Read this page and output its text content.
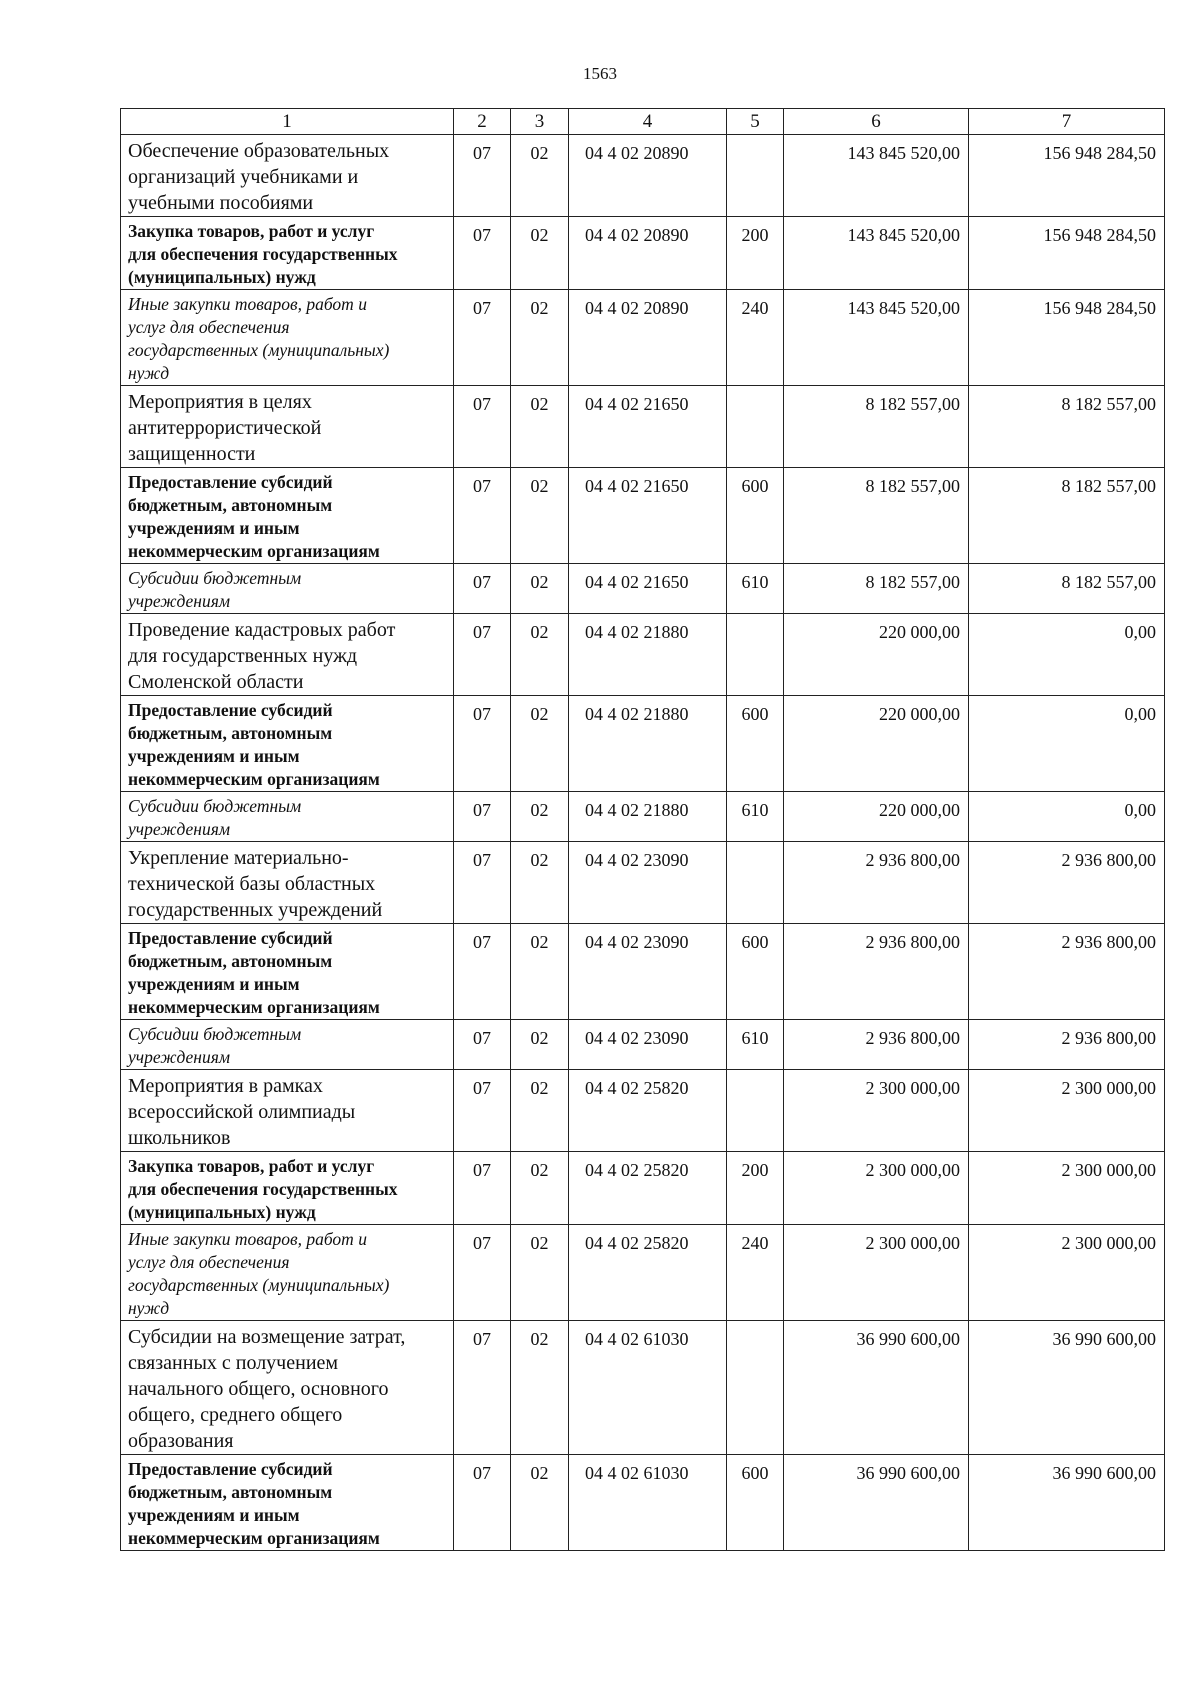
1563
1	2	3	4	5	6	7

Обеспечение образовательных
организаций учебниками и
учебными пособиями	07	02	04 4 02 20890		143 845 520,00	156 948 284,50

Закупка товаров, работ и услуг
для обеспечения государственных
(муниципальных) нужд	07	02	04 4 02 20890	200	143 845 520,00	156 948 284,50

Иные закупки товаров, работ и
услуг для обеспечения
государственных (муниципальных)
нужд	07	02	04 4 02 20890	240	143 845 520,00	156 948 284,50

Мероприятия в целях
антитеррористической
защищенности	07	02	04 4 02 21650		8 182 557,00	8 182 557,00

Предоставление субсидий
бюджетным, автономным
учреждениям и иным
некоммерческим организациям	07	02	04 4 02 21650	600	8 182 557,00	8 182 557,00

Субсидии бюджетным
учреждениям	07	02	04 4 02 21650	610	8 182 557,00	8 182 557,00

Проведение кадастровых работ
для государственных нужд
Смоленской области	07	02	04 4 02 21880		220 000,00	0,00

Предоставление субсидий
бюджетным, автономным
учреждениям и иным
некоммерческим организациям	07	02	04 4 02 21880	600	220 000,00	0,00

Субсидии бюджетным
учреждениям	07	02	04 4 02 21880	610	220 000,00	0,00

Укрепление материально-
технической базы областных
государственных учреждений	07	02	04 4 02 23090		2 936 800,00	2 936 800,00

Предоставление субсидий
бюджетным, автономным
учреждениям и иным
некоммерческим организациям	07	02	04 4 02 23090	600	2 936 800,00	2 936 800,00

Субсидии бюджетным
учреждениям	07	02	04 4 02 23090	610	2 936 800,00	2 936 800,00

Мероприятия в рамках
всероссийской олимпиады
школьников	07	02	04 4 02 25820		2 300 000,00	2 300 000,00

Закупка товаров, работ и услуг
для обеспечения государственных
(муниципальных) нужд	07	02	04 4 02 25820	200	2 300 000,00	2 300 000,00

Иные закупки товаров, работ и
услуг для обеспечения
государственных (муниципальных)
нужд	07	02	04 4 02 25820	240	2 300 000,00	2 300 000,00

Субсидии на возмещение затрат,
связанных с получением
начального общего, основного
общего, среднего общего
образования	07	02	04 4 02 61030		36 990 600,00	36 990 600,00

Предоставление субсидий
бюджетным, автономным
учреждениям и иным
некоммерческим организациям	07	02	04 4 02 61030	600	36 990 600,00	36 990 600,00
